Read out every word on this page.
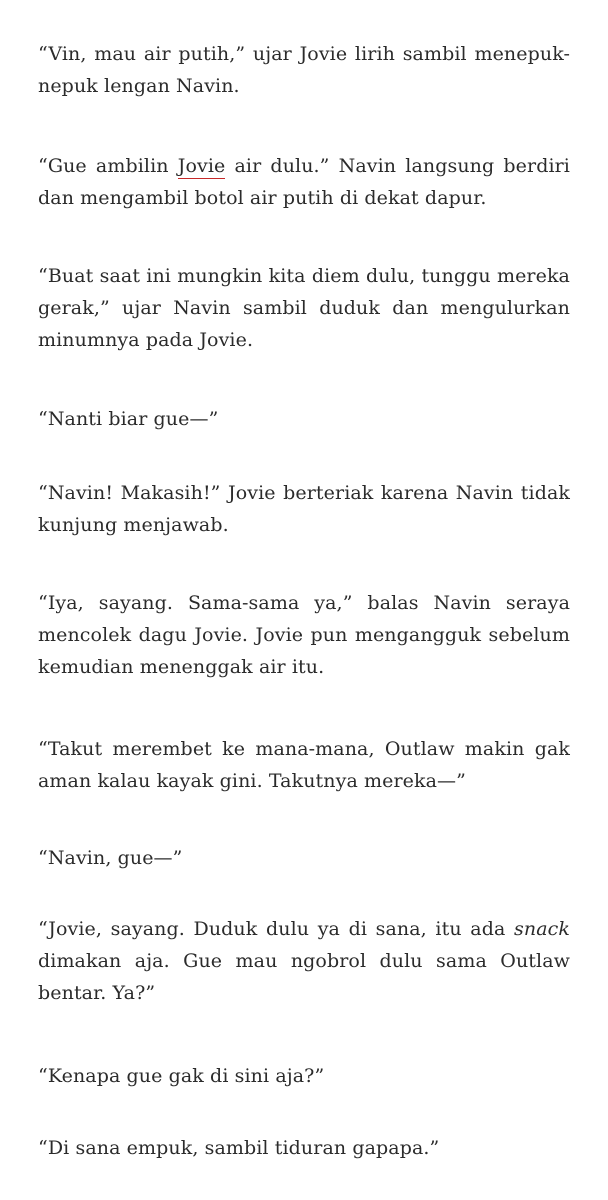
“Vin, mau air putih,” ujar Jovie lirih sambil menepuk-nepuk lengan Navin.

“Gue ambilin Jovie air dulu.” Navin langsung berdiri dan mengambil botol air putih di dekat dapur.

“Buat saat ini mungkin kita diem dulu, tunggu mereka gerak,” ujar Navin sambil duduk dan mengulurkan minumnya pada Jovie.

“Nanti biar gue—”

“Navin! Makasih!” Jovie berteriak karena Navin tidak kunjung menjawab.

“Iya, sayang. Sama-sama ya,” balas Navin seraya mencolek dagu Jovie. Jovie pun mengangguk sebelum kemudian menenggak air itu.

“Takut merembet ke mana-mana, Outlaw makin gak aman kalau kayak gini. Takutnya mereka—”

“Navin, gue—”

“Jovie, sayang. Duduk dulu ya di sana, itu ada snack dimakan aja. Gue mau ngobrol dulu sama Outlaw bentar. Ya?”

“Kenapa gue gak di sini aja?”

“Di sana empuk, sambil tiduran gapapa.”
